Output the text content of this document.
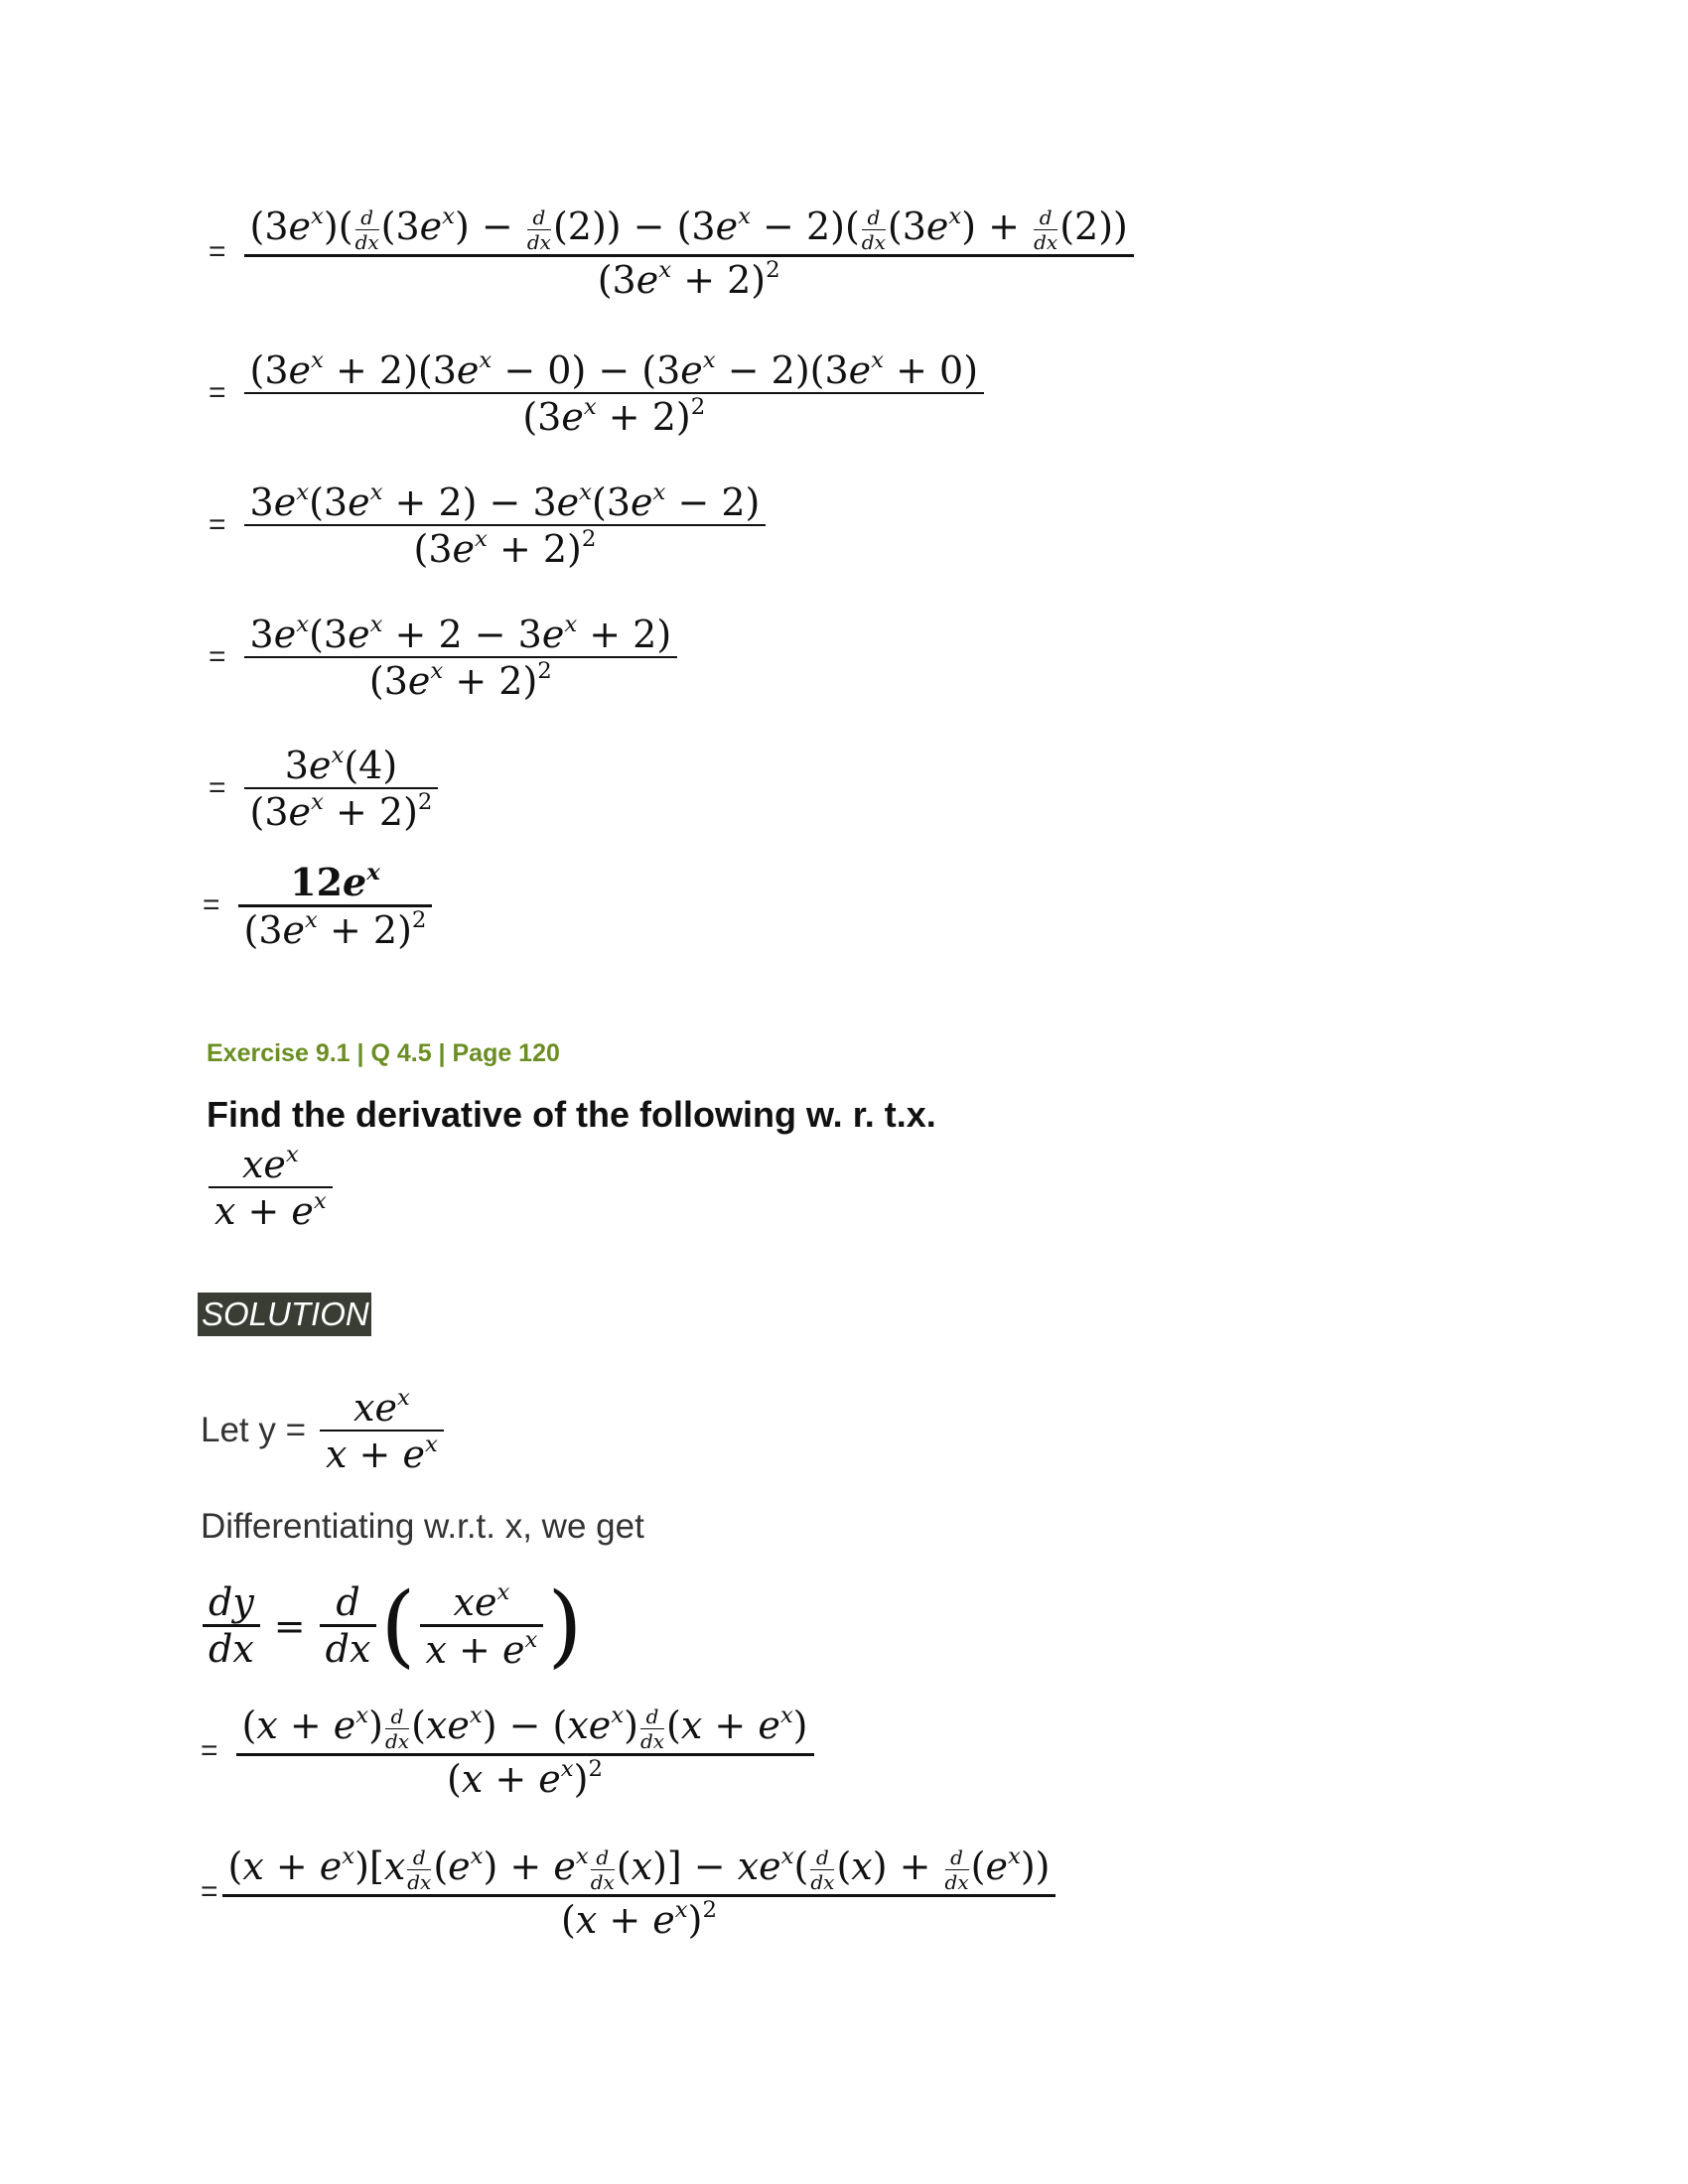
= $\frac{(3e^x)( \frac{d}{dx} (3e^x) - \frac{d}{dx} (2)) - (3e^x - 2)( \frac{d}{dx} (3e^x) + \frac{d}{dx} (2))}{(3e^x + 2)^2}$
= $\frac{(3e^x + 2)(3e^x - 0) - (3e^x - 2)(3e^x + 0)}{(3e^x + 2)^2}$
= $\frac{3e^x(3e^x + 2) - 3e^x(3e^x - 2)}{(3e^x + 2)^2}$
= $\frac{3e^x(3e^x + 2 - 3e^x + 2)}{(3e^x + 2)^2}$
= $\frac{3e^x(4)}{(3e^x + 2)^2}$
= $\frac{12e^x}{(3e^x + 2)^2}$
Exercise 9.1 | Q 4.5 | Page 120
Find the derivative of the following w. r. t.x.
$\frac{xe^x}{x + e^x}$
SOLUTION
Let $y = \frac{xe^x}{x + e^x}$
Differentiating w.r.t. x, we get
$\frac{dy}{dx} = \frac{d}{dx}$ ( $\frac{xe^x}{x + e^x}$ )
= $\frac{(x + e^x) \frac{d}{dx} (xe^x) - (xe^x) \frac{d}{dx} (x + e^x)}{(x + e^x)^2}$
= $\frac{(x + e^x)[x \frac{d}{dx} (e^x) + e^x \frac{d}{dx} (x)] - xe^x( \frac{d}{dx} (x) + \frac{d}{dx} (e^x))}{(x + e^x)^2}$
